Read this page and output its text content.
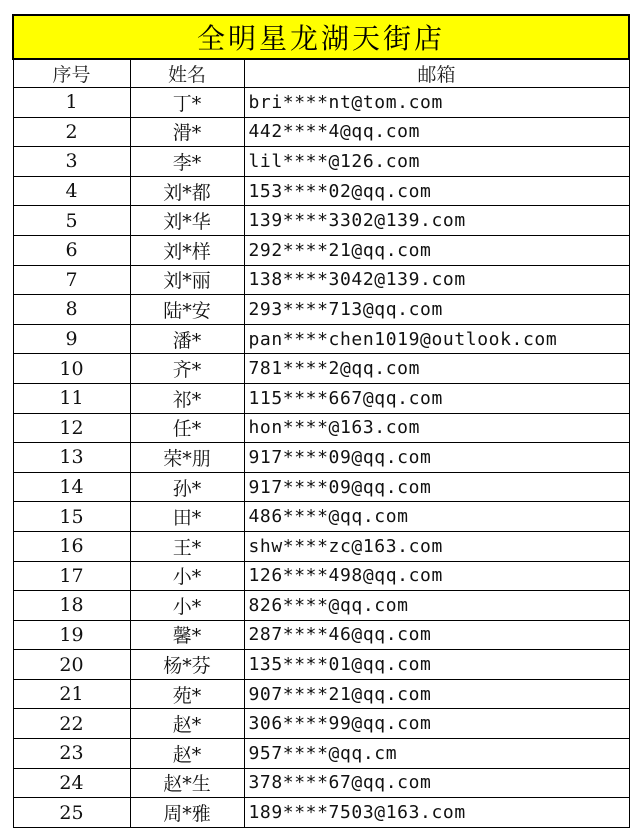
全明星龙湖天街店		
序号	姓名	邮箱
1	丁*	bri****nt@tom.com
2	滑*	442****4@qq.com
3	李*	lil****@126.com
4	刘*都	153****02@qq.com
5	刘*华	139****3302@139.com
6	刘*样	292****21@qq.com
7	刘*丽	138****3042@139.com
8	陆*安	293****713@qq.com
9	潘*	pan****chen1019@outlook.com
10	齐*	781****2@qq.com
11	祁*	115****667@qq.com
12	任*	hon****@163.com
13	荣*朋	917****09@qq.com
14	孙*	917****09@qq.com
15	田*	486****@qq.com
16	王*	shw****zc@163.com
17	小*	126****498@qq.com
18	小*	826****@qq.com
19	馨*	287****46@qq.com
20	杨*芬	135****01@qq.com
21	苑*	907****21@qq.com
22	赵*	306****99@qq.com
23	赵*	957****@qq.cm
24	赵*生	378****67@qq.com
25	周*雅	189****7503@163.com
